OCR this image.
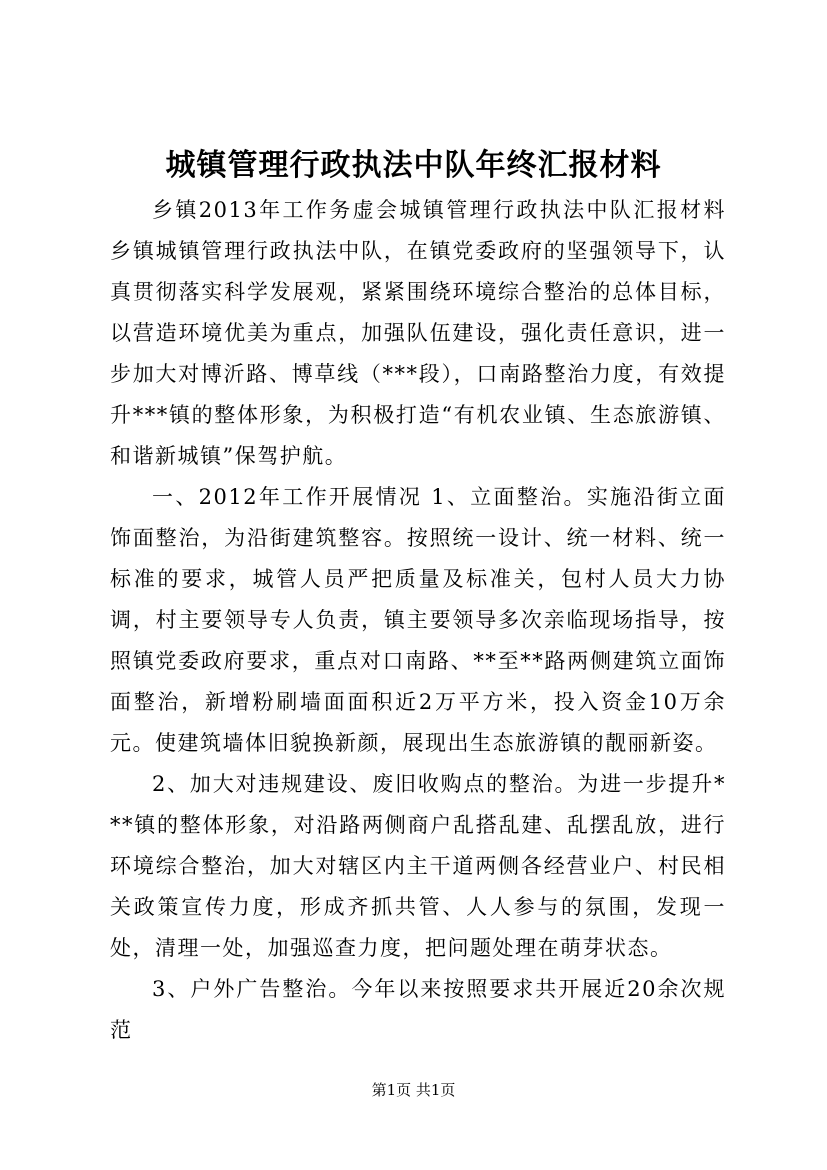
城镇管理行政执法中队年终汇报材料

乡镇2013年工作务虚会城镇管理行政执法中队汇报材料乡镇城镇管理行政执法中队，在镇党委政府的坚强领导下，认真贯彻落实科学发展观，紧紧围绕环境综合整治的总体目标，以营造环境优美为重点，加强队伍建设，强化责任意识，进一步加大对博沂路、博草线（***段），口南路整治力度，有效提升***镇的整体形象，为积极打造“有机农业镇、生态旅游镇、和谐新城镇”保驾护航。

一、2012年工作开展情况 1、立面整治。实施沿街立面饰面整治，为沿街建筑整容。按照统一设计、统一材料、统一标准的要求，城管人员严把质量及标准关，包村人员大力协调，村主要领导专人负责，镇主要领导多次亲临现场指导，按照镇党委政府要求，重点对口南路、**至**路两侧建筑立面饰面整治，新增粉刷墙面面积近2万平方米，投入资金10万余元。使建筑墙体旧貌换新颜，展现出生态旅游镇的靓丽新姿。

2、加大对违规建设、废旧收购点的整治。为进一步提升***镇的整体形象，对沿路两侧商户乱搭乱建、乱摆乱放，进行环境综合整治，加大对辖区内主干道两侧各经营业户、村民相关政策宣传力度，形成齐抓共管、人人参与的氛围，发现一处，清理一处，加强巡查力度，把问题处理在萌芽状态。

3、户外广告整治。今年以来按照要求共开展近20余次规范

第1页 共1页
